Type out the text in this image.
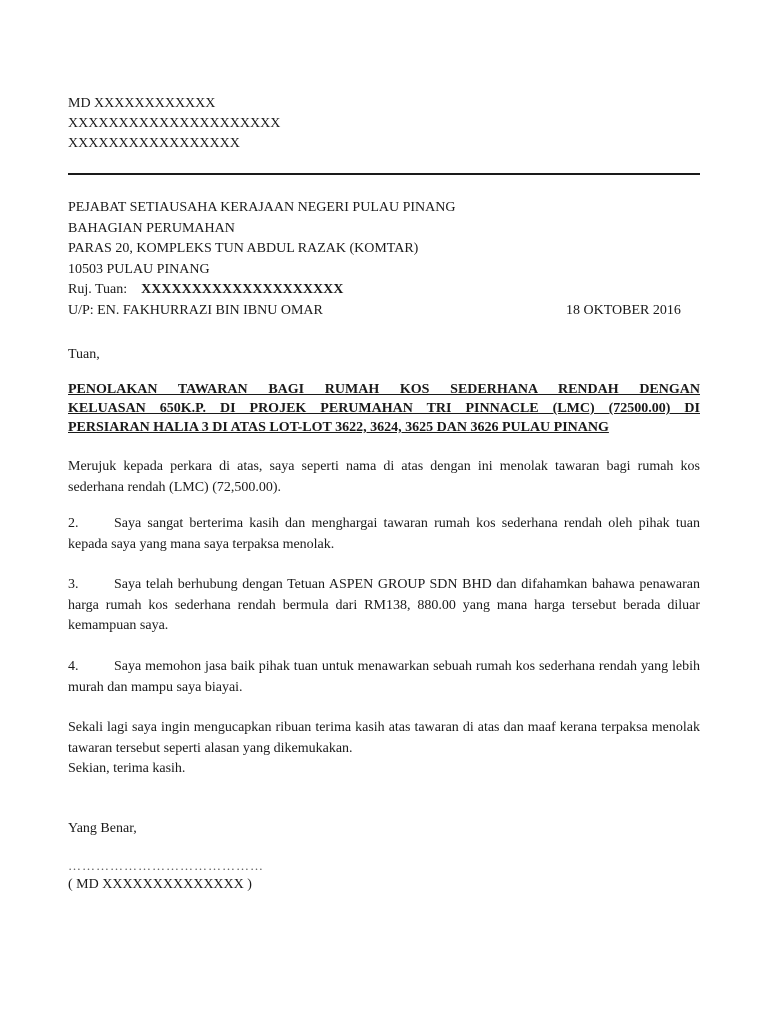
MD XXXXXXXXXXXX
XXXXXXXXXXXXXXXXXXXXX
XXXXXXXXXXXXXXXXX
PEJABAT SETIAUSAHA KERAJAAN NEGERI PULAU PINANG
BAHAGIAN PERUMAHAN
PARAS 20, KOMPLEKS TUN ABDUL RAZAK (KOMTAR)
10503 PULAU PINANG
Ruj. Tuan: XXXXXXXXXXXXXXXXXXXX
U/P: EN. FAKHURRAZI BIN IBNU OMAR	18 OKTOBER 2016
Tuan,
PENOLAKAN TAWARAN BAGI RUMAH KOS SEDERHANA RENDAH DENGAN
KELUASAN 650K.P. DI PROJEK PERUMAHAN TRI PINNACLE (LMC) (72500.00) DI
PERSIARAN HALIA 3 DI ATAS LOT-LOT 3622, 3624, 3625 DAN 3626 PULAU PINANG
Merujuk kepada perkara di atas, saya seperti nama di atas dengan ini menolak tawaran bagi rumah kos sederhana rendah (LMC) (72,500.00).
2.	Saya sangat berterima kasih dan menghargai tawaran rumah kos sederhana rendah oleh pihak tuan kepada saya yang mana saya terpaksa menolak.
3.	Saya telah berhubung dengan Tetuan ASPEN GROUP SDN BHD dan difahamkan bahawa penawaran harga rumah kos sederhana rendah bermula dari RM138, 880.00 yang mana harga tersebut berada diluar kemampuan saya.
4.	Saya memohon jasa baik pihak tuan untuk menawarkan sebuah rumah kos sederhana rendah yang lebih murah dan mampu saya biayai.
Sekali lagi saya ingin mengucapkan ribuan terima kasih atas tawaran di atas dan maaf kerana terpaksa menolak tawaran tersebut seperti alasan yang dikemukakan.
Sekian, terima kasih.
Yang Benar,
……………………………………
( MD XXXXXXXXXXXXXX )
